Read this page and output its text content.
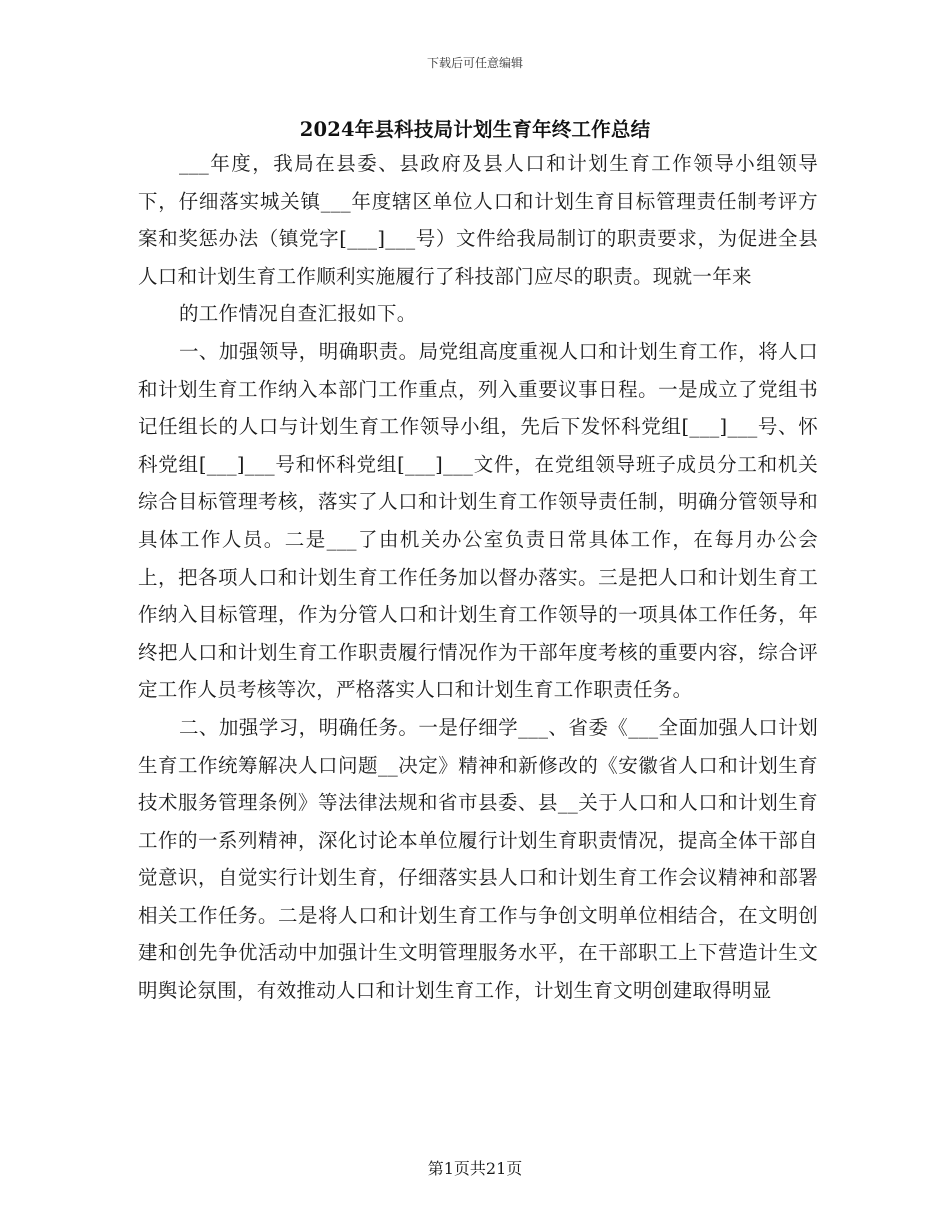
下载后可任意编辑
2024年县科技局计划生育年终工作总结

___年度，我局在县委、县政府及县人口和计划生育工作领导小组领导下，仔细落实城关镇___年度辖区单位人口和计划生育目标管理责任制考评方案和奖惩办法（镇党字[___]___号）文件给我局制订的职责要求，为促进全县人口和计划生育工作顺利实施履行了科技部门应尽的职责。现就一年来

的工作情况自查汇报如下。

一、加强领导，明确职责。局党组高度重视人口和计划生育工作，将人口和计划生育工作纳入本部门工作重点，列入重要议事日程。一是成立了党组书记任组长的人口与计划生育工作领导小组，先后下发怀科党组[___]___号、怀科党组[___]___号和怀科党组[___]___文件，在党组领导班子成员分工和机关综合目标管理考核，落实了人口和计划生育工作领导责任制，明确分管领导和具体工作人员。二是___了由机关办公室负责日常具体工作，在每月办公会上，把各项人口和计划生育工作任务加以督办落实。三是把人口和计划生育工作纳入目标管理，作为分管人口和计划生育工作领导的一项具体工作任务，年终把人口和计划生育工作职责履行情况作为干部年度考核的重要内容，综合评定工作人员考核等次，严格落实人口和计划生育工作职责任务。

二、加强学习，明确任务。一是仔细学___、省委《___全面加强人口计划生育工作统筹解决人口问题__决定》精神和新修改的《安徽省人口和计划生育技术服务管理条例》等法律法规和省市县委、县__关于人口和人口和计划生育工作的一系列精神，深化讨论本单位履行计划生育职责情况，提高全体干部自觉意识，自觉实行计划生育，仔细落实县人口和计划生育工作会议精神和部署相关工作任务。二是将人口和计划生育工作与争创文明单位相结合，在文明创建和创先争优活动中加强计生文明管理服务水平，在干部职工上下营造计生文明舆论氛围，有效推动人口和计划生育工作，计划生育文明创建取得明显

第1页共21页
